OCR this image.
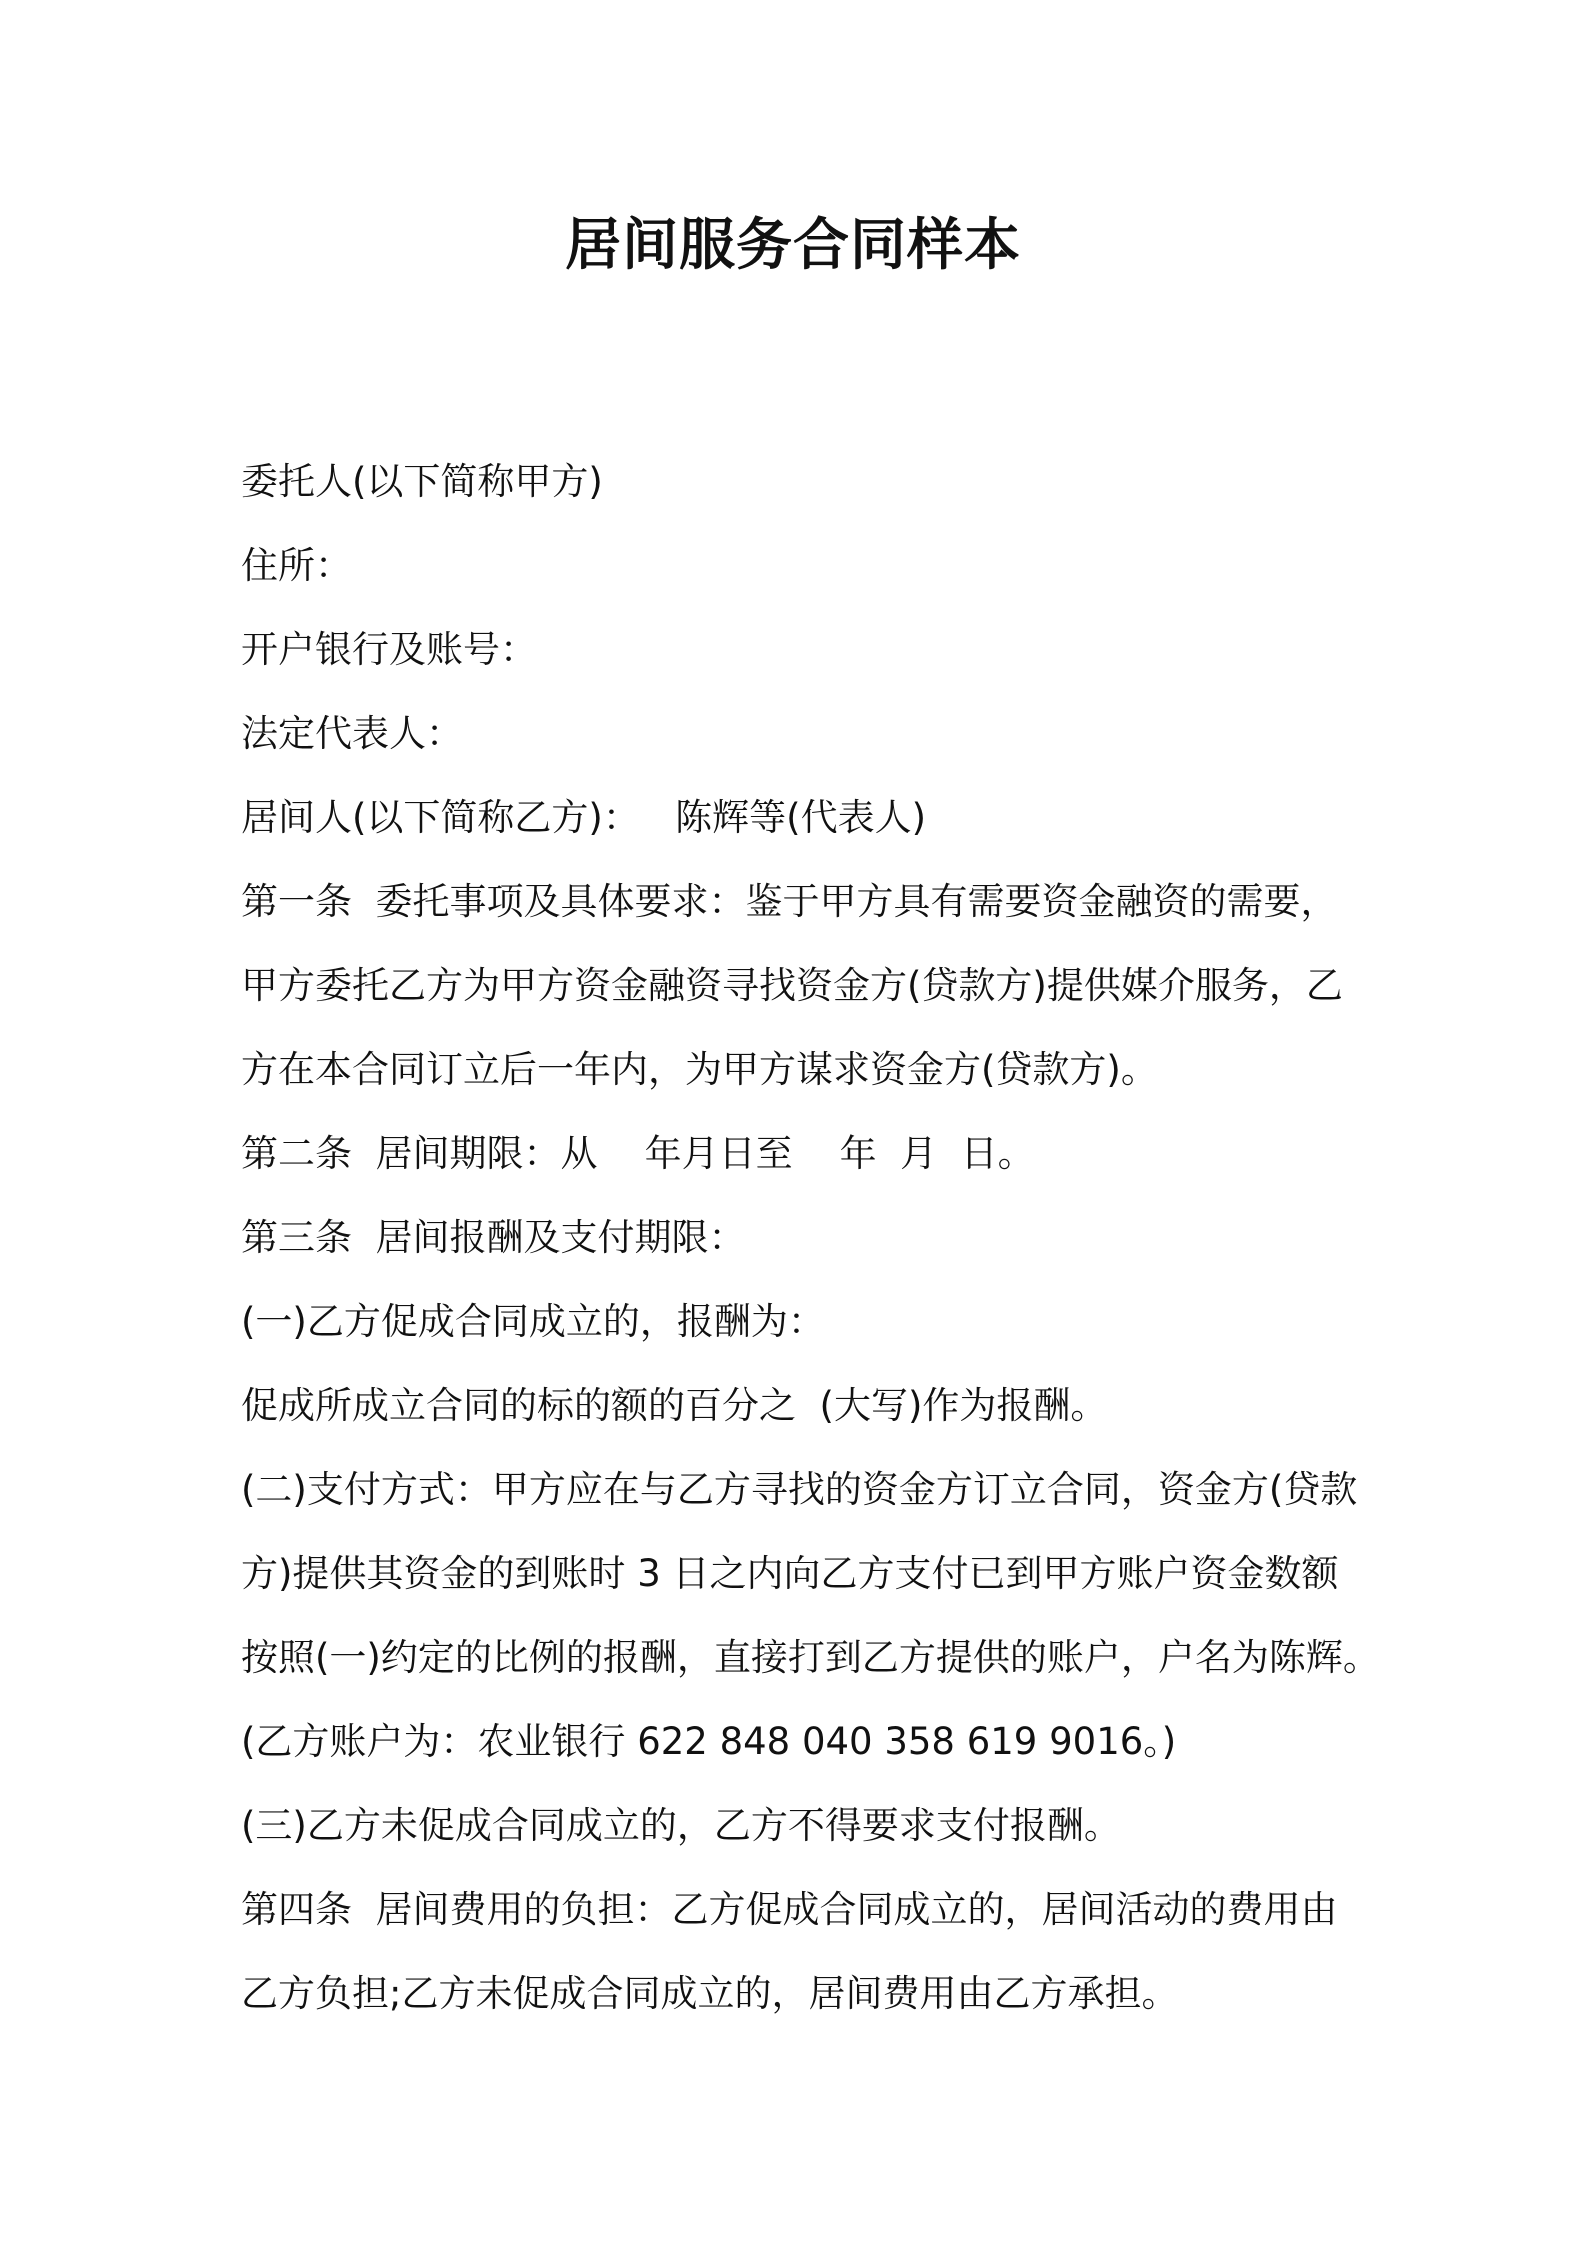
居间服务合同样本
委托人(以下简称甲方)
住所：
开户银行及账号：
法定代表人：
居间人(以下简称乙方)：   陈辉等(代表人)
第一条  委托事项及具体要求：鉴于甲方具有需要资金融资的需要，
甲方委托乙方为甲方资金融资寻找资金方(贷款方)提供媒介服务，乙
方在本合同订立后一年内，为甲方谋求资金方(贷款方)。
第二条  居间期限：从    年月日至    年  月  日。
第三条  居间报酬及支付期限：
(一)乙方促成合同成立的，报酬为：
促成所成立合同的标的额的百分之  (大写)作为报酬。
(二)支付方式：甲方应在与乙方寻找的资金方订立合同，资金方(贷款
方)提供其资金的到账时 3 日之内向乙方支付已到甲方账户资金数额
按照(一)约定的比例的报酬，直接打到乙方提供的账户，户名为陈辉。
(乙方账户为：农业银行 622 848 040 358 619 9016。)
(三)乙方未促成合同成立的，乙方不得要求支付报酬。
第四条  居间费用的负担：乙方促成合同成立的，居间活动的费用由
乙方负担;乙方未促成合同成立的，居间费用由乙方承担。
